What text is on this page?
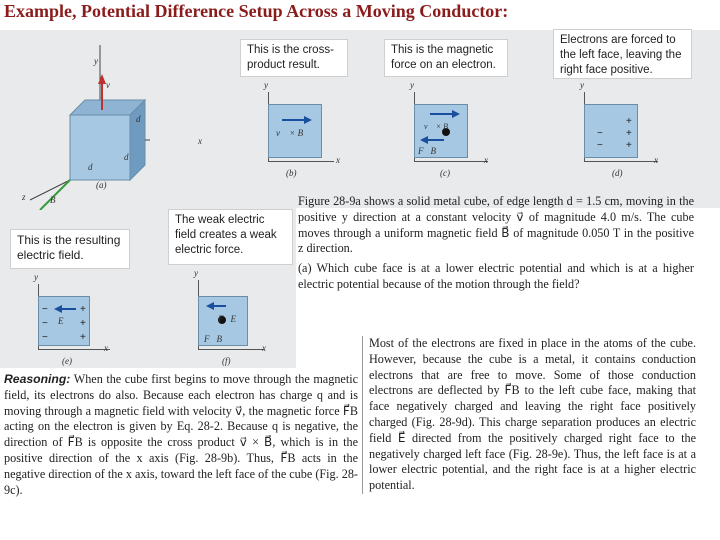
Example, Potential Difference Setup Across a Moving Conductor:
y
v⃗
d
d
d
x
z	B⃗
(a)
This is the cross-product result.
y
v⃗ × B⃗
x
(b)
This is the magnetic force on an electron.
y
v⃗ × B⃗
F⃗B
x
(c)
Electrons are forced to the left face, leaving the right face positive.
y
−
−
+
+
+
x
(d)
This is the resulting electric field.
y
−
−
−
+
+
+
E⃗
x
(e)
The weak electric field creates a weak electric force.
y
F⃗E
F⃗B
x
(f)

Figure 28-9a shows a solid metal cube, of edge length d = 1.5 cm, moving in the positive y direction at a constant velocity v⃗ of magnitude 4.0 m/s. The cube moves through a uniform magnetic field B⃗ of magnitude 0.050 T in the positive z direction.

(a) Which cube face is at a lower electric potential and which is at a higher electric potential because of the motion through the field?

Reasoning: When the cube first begins to move through the magnetic field, its electrons do also. Because each electron has charge q and is moving through a magnetic field with velocity v⃗, the magnetic force F⃗B acting on the electron is given by Eq. 28-2. Because q is negative, the direction of F⃗B is opposite the cross product v⃗ × B⃗, which is in the positive direction of the x axis (Fig. 28-9b). Thus, F⃗B acts in the negative direction of the x axis, toward the left face of the cube (Fig. 28-9c).

Most of the electrons are fixed in place in the atoms of the cube. However, because the cube is a metal, it contains conduction electrons that are free to move. Some of those conduction electrons are deflected by F⃗B to the left cube face, making that face negatively charged and leaving the right face positively charged (Fig. 28-9d). This charge separation produces an electric field E⃗ directed from the positively charged right face to the negatively charged left face (Fig. 28-9e). Thus, the left face is at a lower electric potential, and the right face is at a higher electric potential.
